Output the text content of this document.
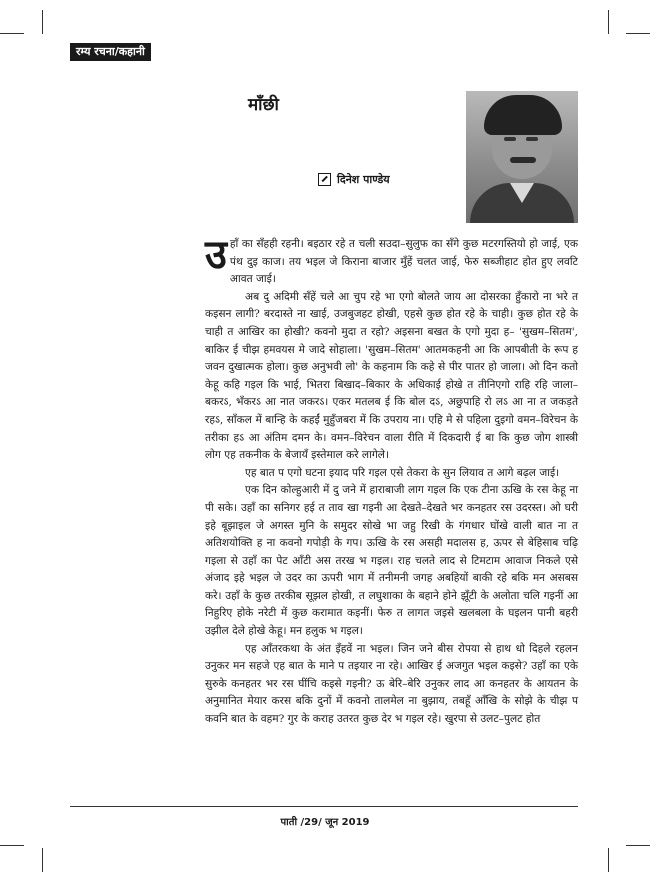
रम्य रचना/कहानी
माँछी
दिनेश पाण्डेय

उहाँ का सँहही रहनी। बइठार रहे त चली सउदा–सुलुफ का सँगे कुछ मटरगस्तियो हो जाई, एक पंथ दुइ काज। तय भइल जे किराना बाजार मुँहें चलत जाई, फेरु सब्जीहाट होत हुए लवटि आवत जाई।

अब दु अदिमी सँहें चले आ चुप रहे भा एगो बोलते जाय आ दोसरका हुँकारो ना भरे त कइसन लागी? बरदास्ते ना खाई, उजबुजहट होखी, एहसे कुछ होत रहे के चाही। कुछ होत रहे के चाही त आखिर का होखी? कवनो मुदा त रहो? अइसना बखत के एगो मुदा ह– 'सुखम–सितम', बाकिर ई चीझ हमवयस मे जादे सोहाला। 'सुखम–सितम' आतमकहनी आ कि आपबीती के रूप ह जवन दुखात्मक होला। कुछ अनुभवी लो' के कहनाम कि कहे से पीर पातर हो जाला। ओ दिन कतो केहू कहि गइल कि भाई, भितरा बिखाद–बिकार के अधिकाई होखे त तीनिएगो राहि रहि जाला– बकरऽ, भँकरऽ आ नात जकरऽ। एकर मतलब ई कि बोल दऽ, अछुपाहि रो लऽ आ ना त जकड़ते रहऽ, साँकल में बान्हि के कहईं मुहुँजबरा में कि उपराय ना। एहि मे से पहिला दुइगो वमन–विरेचन के तरीका हऽ आ अंतिम दमन के। वमन–विरेचन वाला रीति में दिकदारी ई बा कि कुछ जोग शास्त्री लोग एह तकनीक के बेजायँ इस्तेमाल करे लागेले।

एह बात प एगो घटना इयाद परि गइल एसे तेकरा के सुन लियाव त आगे बढ़ल जाई।

एक दिन कोल्हुआरी में दु जने में हाराबाजी लाग गइल कि एक टीना ऊखि के रस केहू ना पी सके। उहाँ का सनिगर हई त ताव खा गइनी आ देखते–देखते भर कनहतर रस उदरस्त। ओ घरी इहे बूझाइल जे अगस्त मुनि के समुदर सोखे भा जहु रिखी के गंगधार घोंखे वाली बात ना त अतिशयोक्ति ह ना कवनो गपोड़ी के गप। ऊखि के रस असही मदालस ह, ऊपर से बेहिसाब चढ़ि गइला से उहाँ का पेट आँटी अस तरख भ गइल। राह चलते लाद से टिमटाम आवाज निकले एसे अंजाद इहे भइल जे उदर का ऊपरी भाग में तनीमनी जगह अबहियों बाकी रहे बकि मन असबस करे। उहाँ के कुछ तरकीब सूझल होखी, त लघुशाका के बहाने होने झूँटी के अलोता चलि गइनीं आ निहुरिए होके नरेटी में कुछ करामात कइनीं। फेरु त लागत जइसे खलबला के घइलन पानी बहरी उझील देले होखे केहू। मन हलुक भ गइल।

एह आँतरकथा के अंत इँहवें ना भइल। जिन जने बीस रोपया से हाथ धो दिहले रहलन उनुकर मन सहजे एह बात के माने प तइयार ना रहे। आखिर ई अजगुत भइल कइसे? उहाँ का एके सुरुके कनहतर भर रस घींचि कइसे गइनी? ऊ बेरि–बेरि उनुकर लाद आ कनहतर के आयतन के अनुमानित मेयार करस बकि दुनों में कवनो तालमेल ना बुझाय, तबहूँ आँखि के सोझे के चीझ प कवनि बात के वहम? गुर के कराह उतरत कुछ देर भ गइल रहे। खुरपा से उलट–पुलट होत

पाती /29/ जून 2019
